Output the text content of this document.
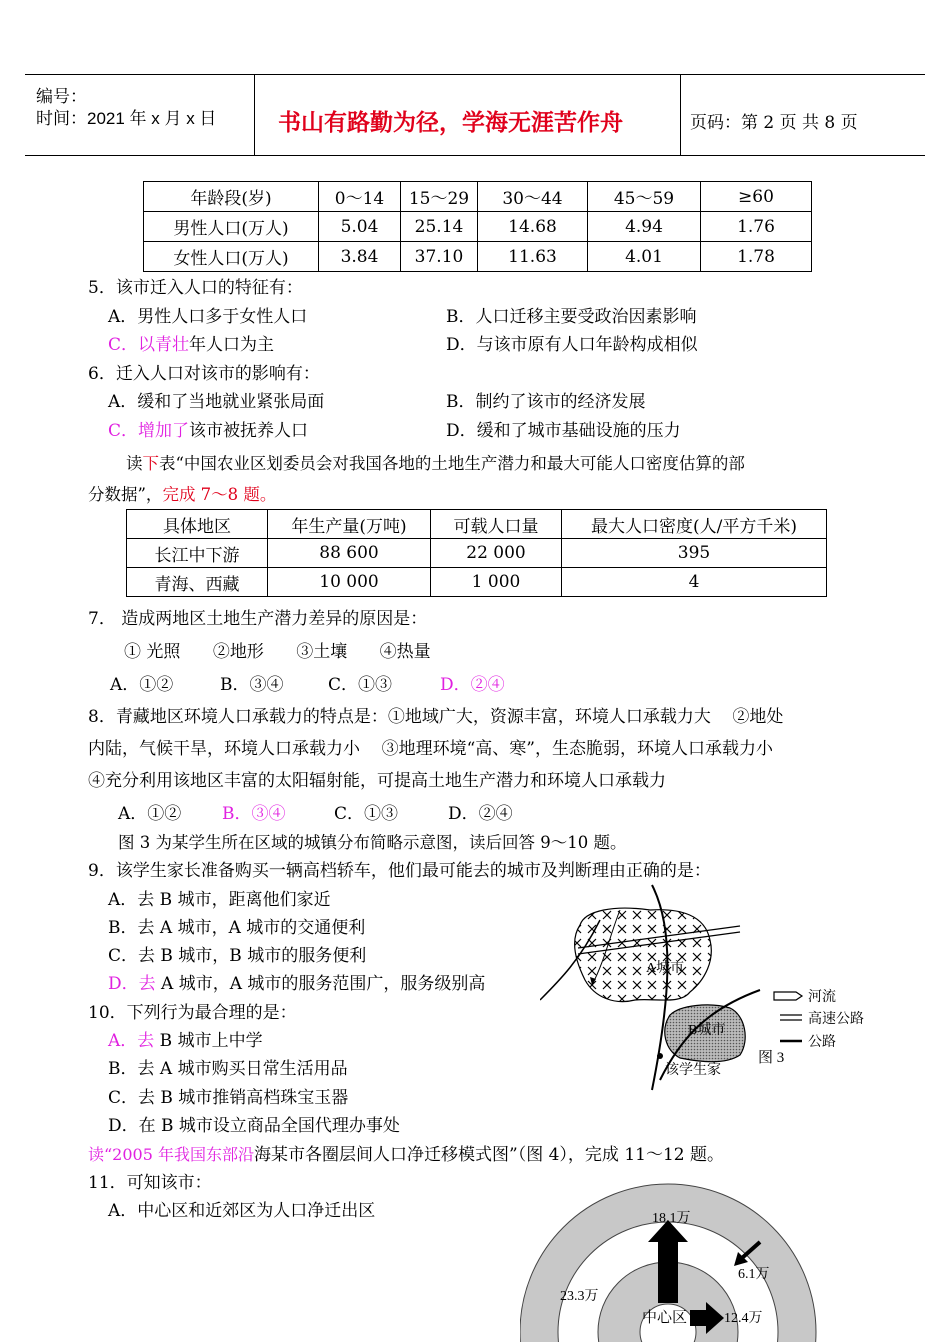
编号：
时间：2021 年 x 月 x 日	书山有路勤为径，学海无涯苦作舟	页码：第 2 页 共 8 页
年龄段(岁)	0～14	15～29	30～44	45～59	≥60
男性人口(万人)	5.04	25.14	14.68	4.94	1.76
女性人口(万人)	3.84	37.10	11.63	4.01	1.78
5．该市迁入人口的特征有：
A．男性人口多于女性人口	B．人口迁移主要受政治因素影响
C．以青壮年人口为主	D．与该市原有人口年龄构成相似
6．迁入人口对该市的影响有：
A．缓和了当地就业紧张局面	B．制约了该市的经济发展
C．增加了该市被抚养人口	D．缓和了城市基础设施的压力
读下表“中国农业区划委员会对我国各地的土地生产潜力和最大可能人口密度估算的部
分数据”，完成 7～8 题。
具体地区	年生产量(万吨)	可载人口量	最大人口密度(人/平方千米)
长江中下游	88 600	22 000	395
青海、西藏	10 000	1 000	4
7． 造成两地区土地生产潜力差异的原因是：
① 光照      ②地形      ③土壤      ④热量
A．①②	B．③④	C．①③	D．②④
8．青藏地区环境人口承载力的特点是：①地域广大，资源丰富，环境人口承载力大    ②地处
内陆，气候干旱，环境人口承载力小    ③地理环境“高、寒”，生态脆弱，环境人口承载力小
④充分利用该地区丰富的太阳辐射能，可提高土地生产潜力和环境人口承载力
A．①② B．③④	C．①③	D．②④
图 3 为某学生所在区域的城镇分布简略示意图，读后回答 9～10 题。
9．该学生家长准备购买一辆高档轿车，他们最可能去的城市及判断理由正确的是：
A．去 B 城市，距离他们家近
B．去 A 城市，A 城市的交通便利
C．去 B 城市，B 城市的服务便利
D．去 A 城市，A 城市的服务范围广，服务级别高
10．下列行为最合理的是：
A．去 B 城市上中学
B．去 A 城市购买日常生活用品
C．去 B 城市推销高档珠宝玉器
D．在 B 城市设立商品全国代理办事处
A城市
B城市
该学生家
河流
高速公路
公路
图 3
读“2005 年我国东部沿海某市各圈层间人口净迁移模式图”（图 4），完成 11～12 题。
11．可知该市：
A．中心区和近郊区为人口净迁出区	18.1万
6.1万
23.3万
12.4万
中心区
